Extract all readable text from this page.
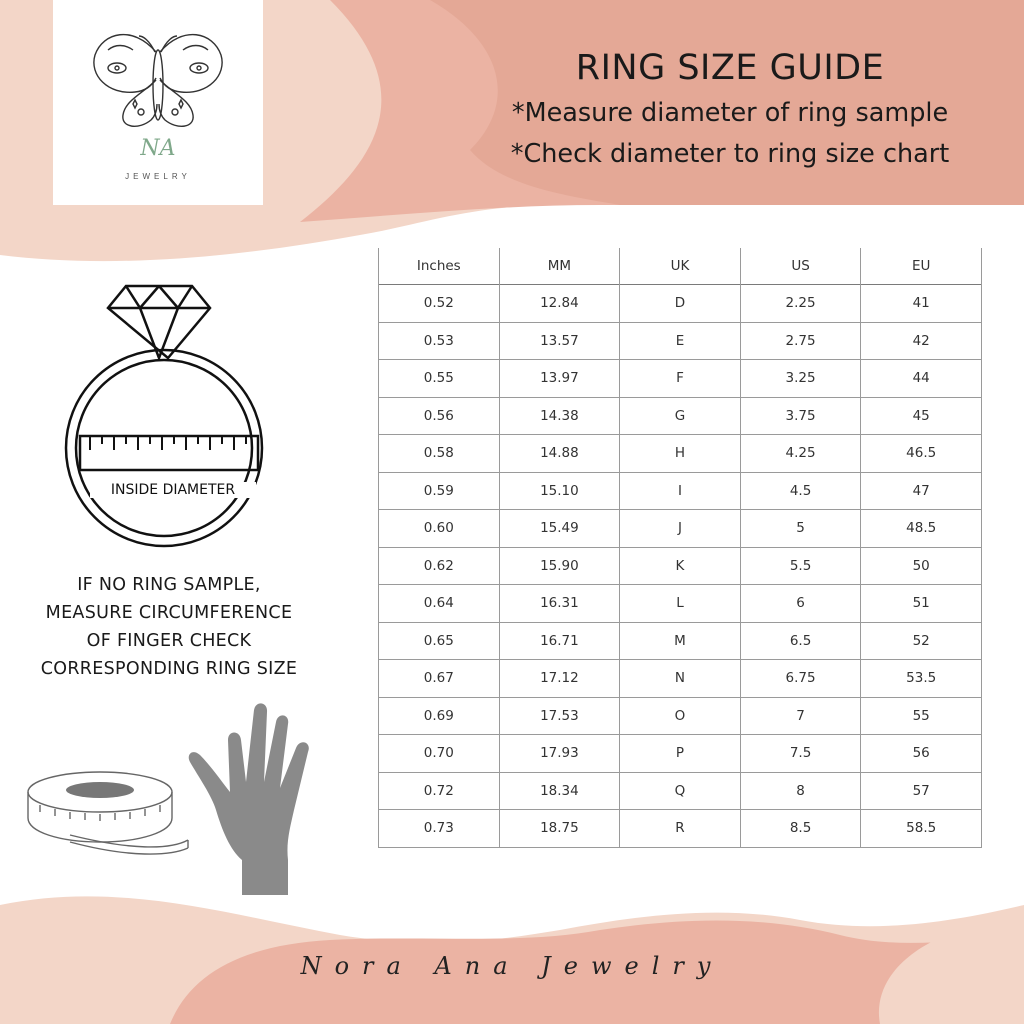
NA
JEWELRY
RING SIZE GUIDE
*Measure diameter of ring sample
*Check diameter to ring size chart
INSIDE DIAMETER
IF NO RING SAMPLE,
MEASURE CIRCUMFERENCE
OF FINGER CHECK
CORRESPONDING RING SIZE
Inches	MM	UK	US	EU
0.52	12.84	D	2.25	41
0.53	13.57	E	2.75	42
0.55	13.97	F	3.25	44
0.56	14.38	G	3.75	45
0.58	14.88	H	4.25	46.5
0.59	15.10	I	4.5	47
0.60	15.49	J	5	48.5
0.62	15.90	K	5.5	50
0.64	16.31	L	6	51
0.65	16.71	M	6.5	52
0.67	17.12	N	6.75	53.5
0.69	17.53	O	7	55
0.70	17.93	P	7.5	56
0.72	18.34	Q	8	57
0.73	18.75	R	8.5	58.5
Nora Ana Jewelry
